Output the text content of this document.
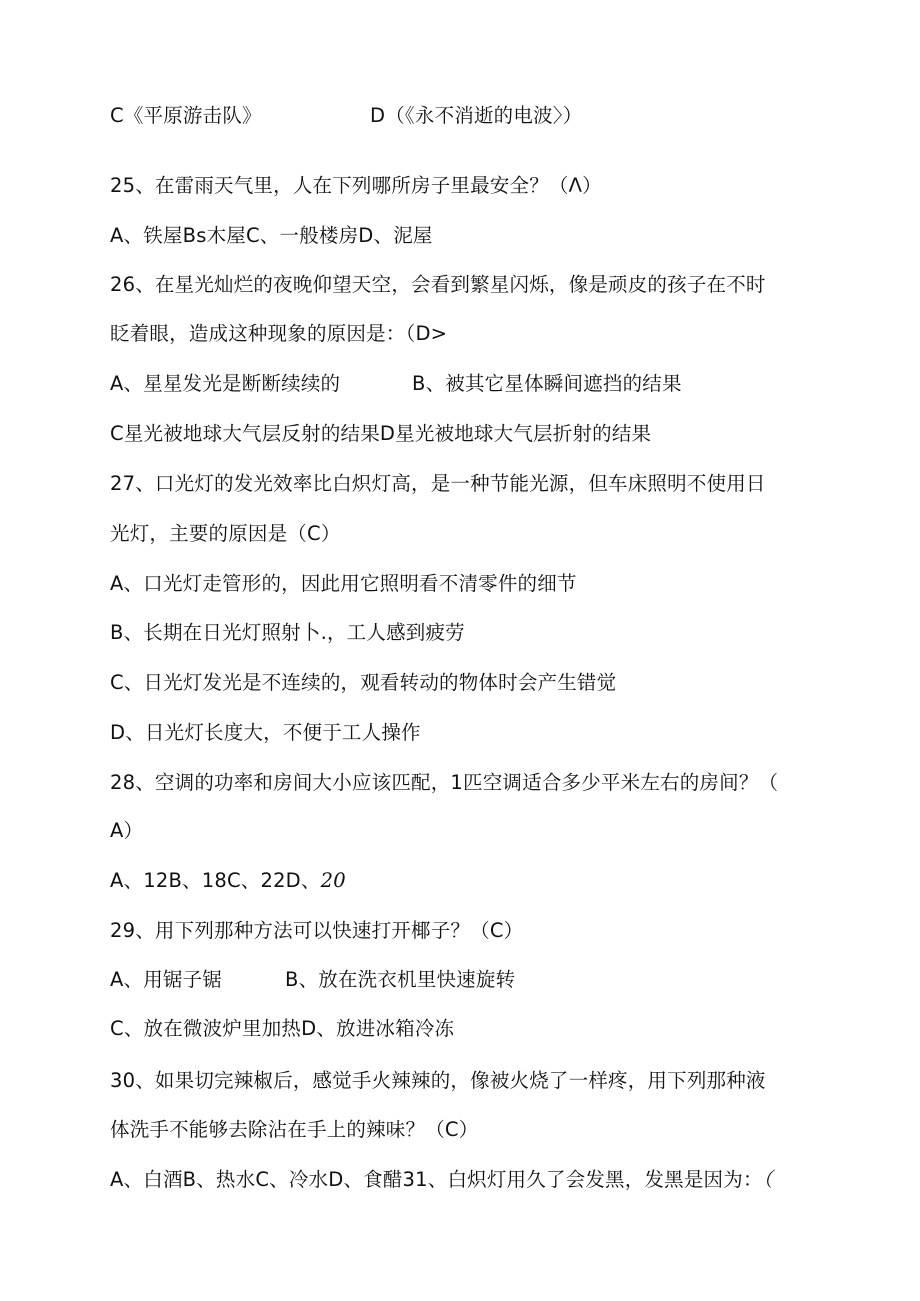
C《平原游击队》	D（《永不消逝的电波〉）
25、在雷雨天气里，人在下列哪所房子里最安全？（Λ）
A、铁屋Bs木屋C、一般楼房D、泥屋
26、在星光灿烂的夜晚仰望天空，会看到繁星闪烁，像是顽皮的孩子在不时
眨着眼，造成这种现象的原因是：（D>
A、星星发光是断断续续的	B、被其它星体瞬间遮挡的结果
C星光被地球大气层反射的结果D星光被地球大气层折射的结果
27、口光灯的发光效率比白炽灯高，是一种节能光源，但车床照明不使用日
光灯，主要的原因是（C）
A、口光灯走管形的，因此用它照明看不清零件的细节
B、长期在日光灯照射卜.，工人感到疲劳
C、日光灯发光是不连续的，观看转动的物体时会产生错觉
D、日光灯长度大，不便于工人操作
28、空调的功率和房间大小应该匹配，1匹空调适合多少平米左右的房间？（
A）
A、12B、18C、22D、20
29、用下列那种方法可以快速打开椰子？（C）
A、用锯子锯	B、放在洗衣机里快速旋转
C、放在微波炉里加热D、放进冰箱冷冻
30、如果切完辣椒后，感觉手火辣辣的，像被火烧了一样疼，用下列那种液
体洗手不能够去除沾在手上的辣味？（C）
A、白酒B、热水C、冷水D、食醋31、白炽灯用久了会发黑，发黑是因为：（
